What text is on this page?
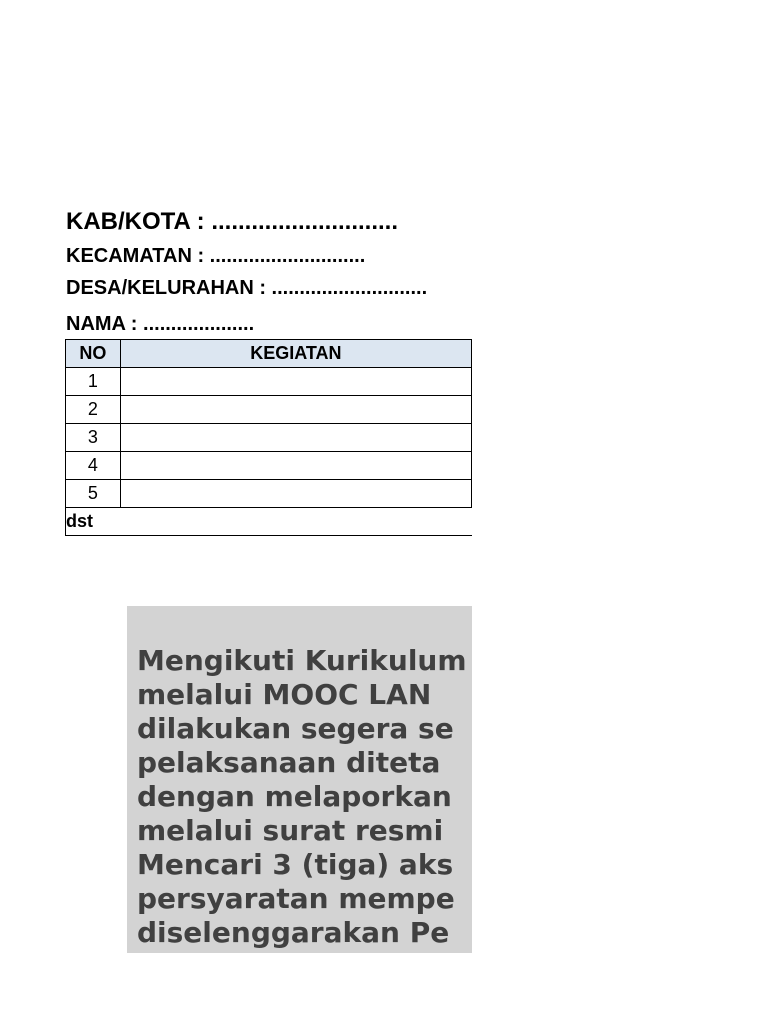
KAB/KOTA : ............................
KECAMATAN : ............................
DESA/KELURAHAN : ............................
NAMA : ....................
NO	KEGIATAN
1	
2	
3	
4	
5	
dst	
Mengikuti Kurikulum
melalui MOOC LAN
dilakukan segera se
pelaksanaan diteta
dengan melaporkan
melalui surat resmi
Mencari 3 (tiga) aks
persyaratan mempe
diselenggarakan Pe
